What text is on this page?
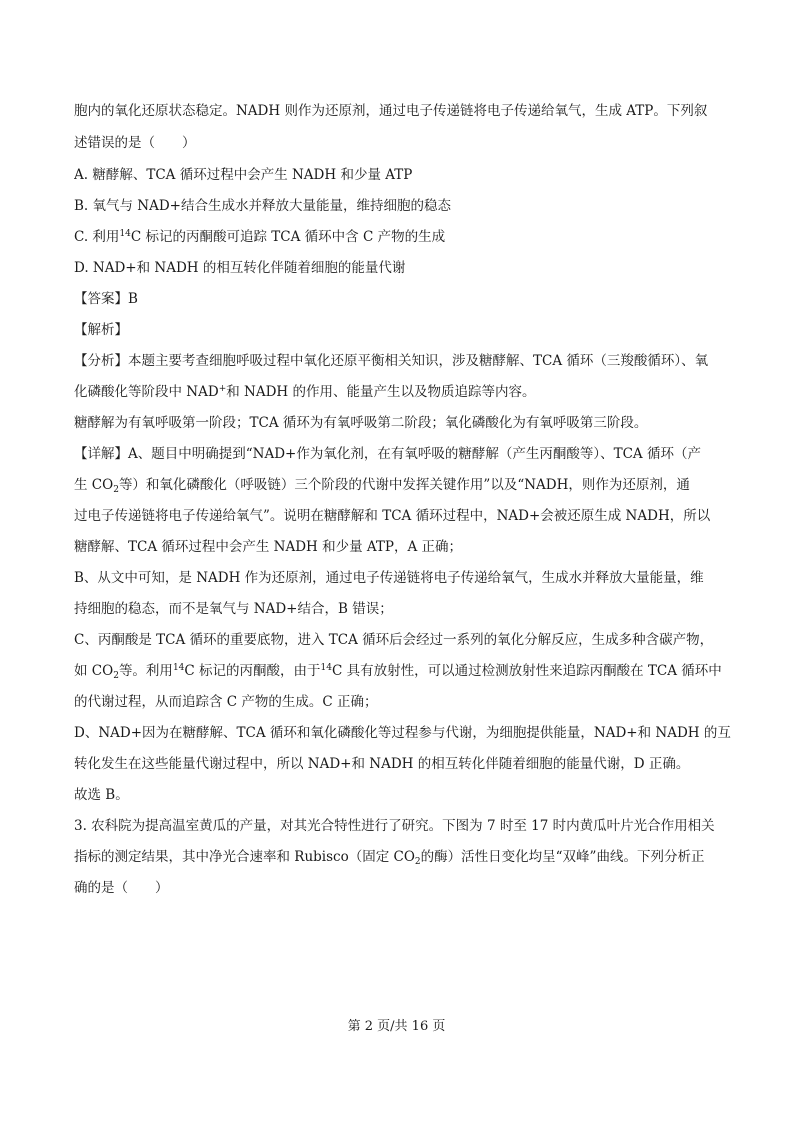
胞内的氧化还原状态稳定。NADH 则作为还原剂，通过电子传递链将电子传递给氧气，生成 ATP。下列叙
述错误的是（　　）
A. 糖酵解、TCA 循环过程中会产生 NADH 和少量 ATP
B. 氧气与 NAD+结合生成水并释放大量能量，维持细胞的稳态
C. 利用$^{14}$C 标记的丙酮酸可追踪 TCA 循环中含 C 产物的生成
D. NAD+和 NADH 的相互转化伴随着细胞的能量代谢
【答案】B
【解析】
【分析】本题主要考查细胞呼吸过程中氧化还原平衡相关知识，涉及糖酵解、TCA 循环（三羧酸循环）、氧
化磷酸化等阶段中 NAD+和 NADH 的作用、能量产生以及物质追踪等内容。
糖酵解为有氧呼吸第一阶段；TCA 循环为有氧呼吸第二阶段；氧化磷酸化为有氧呼吸第三阶段。
【详解】A、题目中明确提到“NAD+作为氧化剂，在有氧呼吸的糖酵解（产生丙酮酸等）、TCA 循环（产
生 $CO_2$等）和氧化磷酸化（呼吸链）三个阶段的代谢中发挥关键作用”以及“NADH，则作为还原剂，通
过电子传递链将电子传递给氧气”。说明在糖酵解和 TCA 循环过程中，NAD+会被还原生成 NADH，所以
糖酵解、TCA 循环过程中会产生 NADH 和少量 ATP，A 正确；
B、从文中可知，是 NADH 作为还原剂，通过电子传递链将电子传递给氧气，生成水并释放大量能量，维
持细胞的稳态，而不是氧气与 NAD+结合，B 错误；
C、丙酮酸是 TCA 循环的重要底物，进入 TCA 循环后会经过一系列的氧化分解反应，生成多种含碳产物，
如 $CO_2$等。利用$^{14}$C 标记的丙酮酸，由于$^{14}$C 具有放射性，可以通过检测放射性来追踪丙酮酸在 TCA 循环中
的代谢过程，从而追踪含 C 产物的生成。C 正确；
D、NAD+因为在糖酵解、TCA 循环和氧化磷酸化等过程参与代谢，为细胞提供能量，NAD+和 NADH 的互
转化发生在这些能量代谢过程中，所以 NAD+和 NADH 的相互转化伴随着细胞的能量代谢，D 正确。
故选 B。
3. 农科院为提高温室黄瓜的产量，对其光合特性进行了研究。下图为 7 时至 17 时内黄瓜叶片光合作用相关
指标的测定结果，其中净光合速率和 Rubisco（固定 $CO_2$的酶）活性日变化均呈“双峰”曲线。下列分析正
确的是（　　）
第 2 页/共 16 页
